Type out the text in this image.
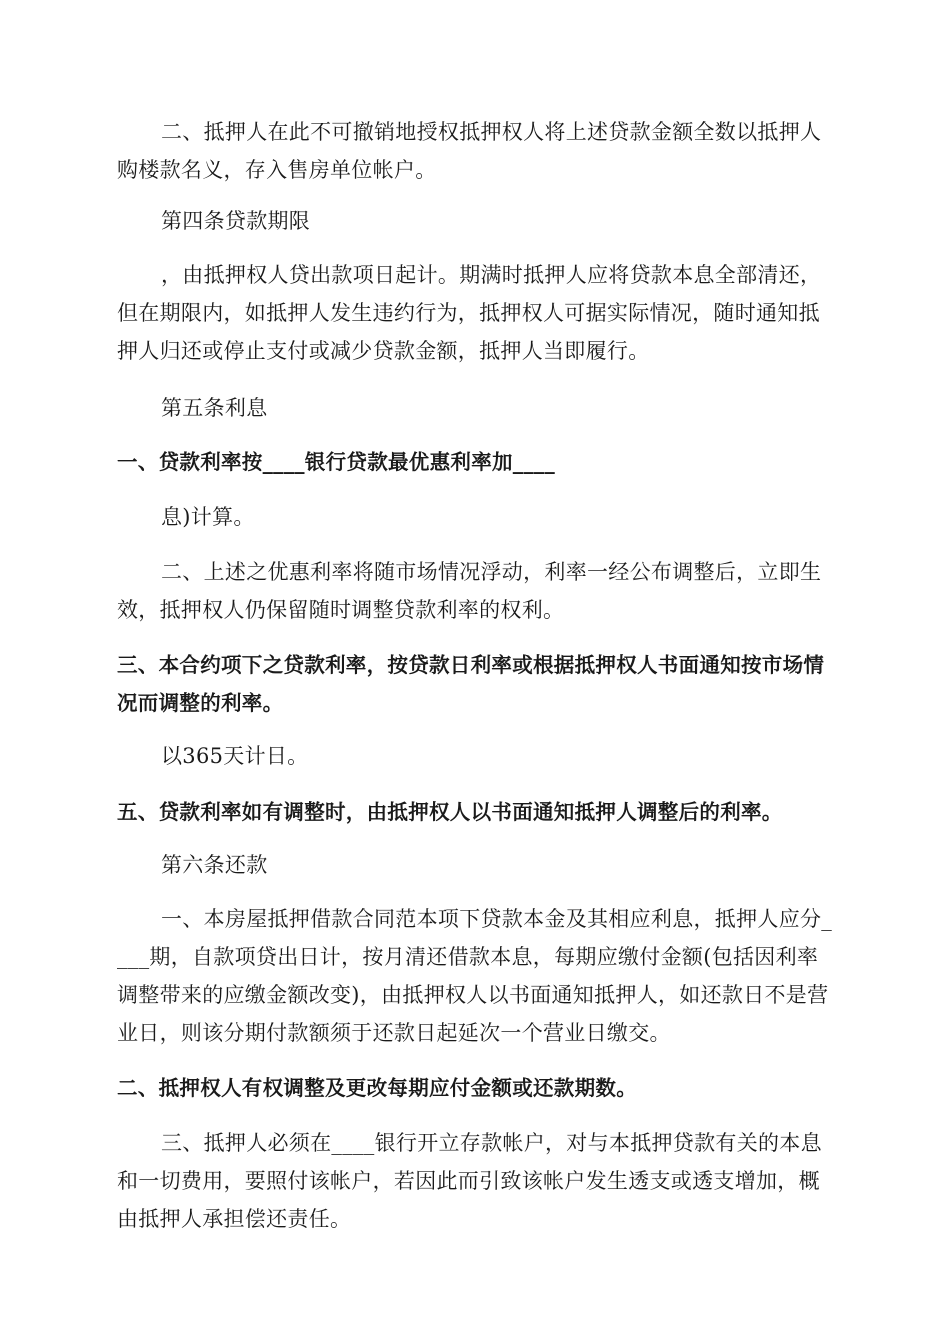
二、抵押人在此不可撤销地授权抵押权人将上述贷款金额全数以抵押人购楼款名义，存入售房单位帐户。
第四条贷款期限
，由抵押权人贷出款项日起计。期满时抵押人应将贷款本息全部清还，但在期限内，如抵押人发生违约行为，抵押权人可据实际情况，随时通知抵押人归还或停止支付或减少贷款金额，抵押人当即履行。
第五条利息
一、贷款利率按____银行贷款最优惠利率加____
息)计算。
二、上述之优惠利率将随市场情况浮动，利率一经公布调整后，立即生效，抵押权人仍保留随时调整贷款利率的权利。
三、本合约项下之贷款利率，按贷款日利率或根据抵押权人书面通知按市场情况而调整的利率。
以365天计日。
五、贷款利率如有调整时，由抵押权人以书面通知抵押人调整后的利率。
第六条还款
一、本房屋抵押借款合同范本项下贷款本金及其相应利息，抵押人应分____期，自款项贷出日计，按月清还借款本息，每期应缴付金额(包括因利率调整带来的应缴金额改变)，由抵押权人以书面通知抵押人，如还款日不是营业日，则该分期付款额须于还款日起延次一个营业日缴交。
二、抵押权人有权调整及更改每期应付金额或还款期数。
三、抵押人必须在____银行开立存款帐户，对与本抵押贷款有关的本息和一切费用，要照付该帐户，若因此而引致该帐户发生透支或透支增加，概由抵押人承担偿还责任。
